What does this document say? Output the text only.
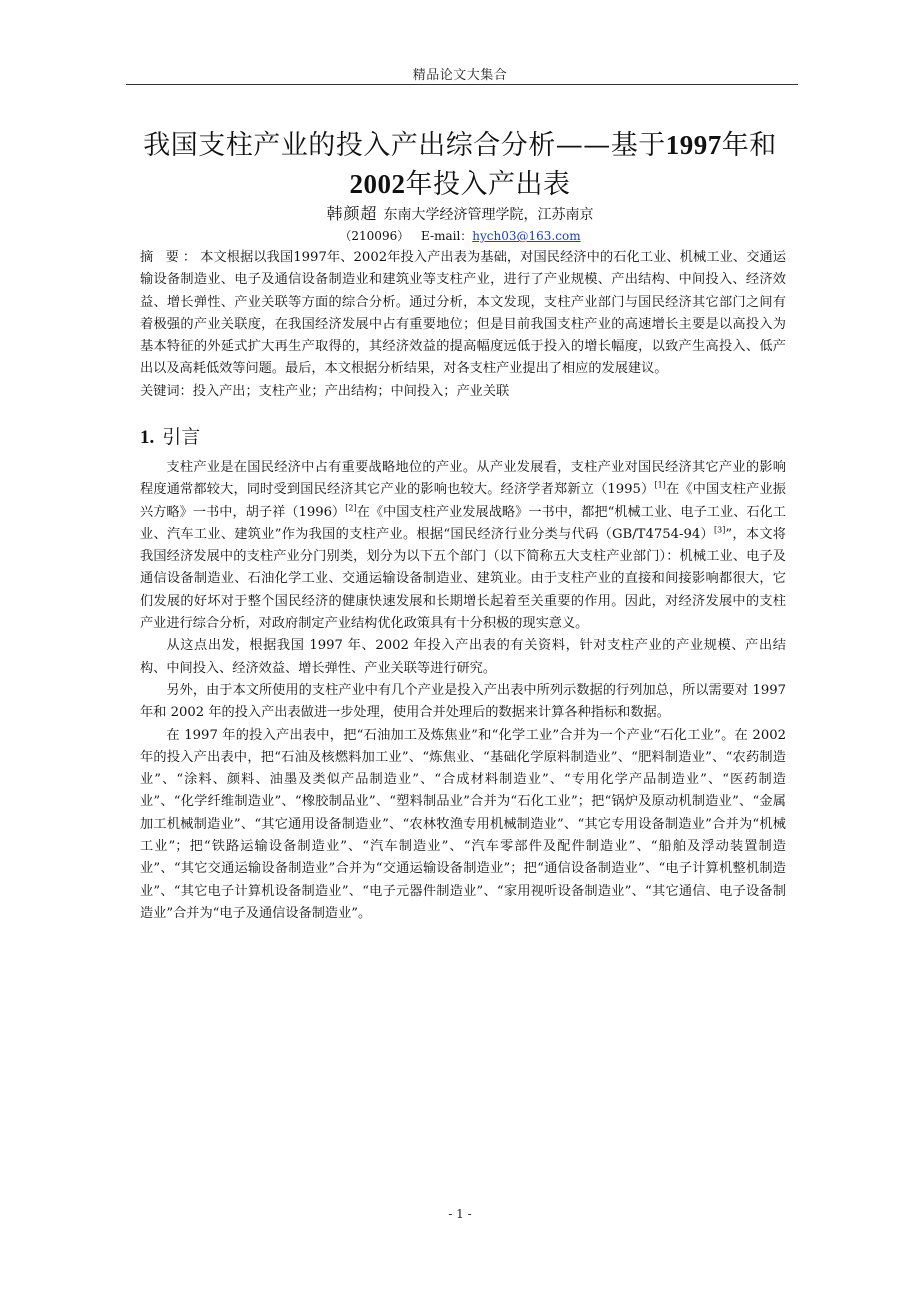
精品论文大集合
我国支柱产业的投入产出综合分析——基于1997年和
2002年投入产出表
韩颜超 东南大学经济管理学院，江苏南京
（210096） E-mail：hych03@163.com

摘 要：本文根据以我国1997年、2002年投入产出表为基础，对国民经济中的石化工业、机械工业、交通运输设备制造业、电子及通信设备制造业和建筑业等支柱产业，进行了产业规模、产出结构、中间投入、经济效益、增长弹性、产业关联等方面的综合分析。通过分析，本文发现，支柱产业部门与国民经济其它部门之间有着极强的产业关联度，在我国经济发展中占有重要地位；但是目前我国支柱产业的高速增长主要是以高投入为基本特征的外延式扩大再生产取得的，其经济效益的提高幅度远低于投入的增长幅度，以致产生高投入、低产出以及高耗低效等问题。最后，本文根据分析结果，对各支柱产业提出了相应的发展建议。

关键词：投入产出；支柱产业；产出结构；中间投入；产业关联

1. 引言

支柱产业是在国民经济中占有重要战略地位的产业。从产业发展看，支柱产业对国民经济其它产业的影响程度通常都较大，同时受到国民经济其它产业的影响也较大。经济学者郑新立（1995）[1]在《中国支柱产业振兴方略》一书中，胡子祥（1996）[2]在《中国支柱产业发展战略》一书中，都把“机械工业、电子工业、石化工业、汽车工业、建筑业”作为我国的支柱产业。根据“国民经济行业分类与代码（GB/T4754-94）[3]”，本文将我国经济发展中的支柱产业分门别类，划分为以下五个部门（以下简称五大支柱产业部门）：机械工业、电子及通信设备制造业、石油化学工业、交通运输设备制造业、建筑业。由于支柱产业的直接和间接影响都很大，它们发展的好坏对于整个国民经济的健康快速发展和长期增长起着至关重要的作用。因此，对经济发展中的支柱产业进行综合分析，对政府制定产业结构优化政策具有十分积极的现实意义。

从这点出发，根据我国 1997 年、2002 年投入产出表的有关资料，针对支柱产业的产业规模、产出结构、中间投入、经济效益、增长弹性、产业关联等进行研究。

另外，由于本文所使用的支柱产业中有几个产业是投入产出表中所列示数据的行列加总，所以需要对 1997 年和 2002 年的投入产出表做进一步处理，使用合并处理后的数据来计算各种指标和数据。

在 1997 年的投入产出表中，把“石油加工及炼焦业”和“化学工业”合并为一个产业“石化工业”。在 2002 年的投入产出表中，把“石油及核燃料加工业”、“炼焦业、“基础化学原料制造业”、“肥料制造业”、“农药制造业”、“涂料、颜料、油墨及类似产品制造业”、“合成材料制造业”、“专用化学产品制造业”、“医药制造业”、“化学纤维制造业”、“橡胶制品业”、“塑料制品业”合并为“石化工业”；把“锅炉及原动机制造业”、“金属加工机械制造业”、“其它通用设备制造业”、“农林牧渔专用机械制造业”、“其它专用设备制造业”合并为“机械工业”；把“铁路运输设备制造业”、“汽车制造业”、“汽车零部件及配件制造业”、“船舶及浮动装置制造业”、“其它交通运输设备制造业”合并为“交通运输设备制造业”；把“通信设备制造业”、“电子计算机整机制造业”、“其它电子计算机设备制造业”、“电子元器件制造业”、“家用视听设备制造业”、“其它通信、电子设备制造业”合并为“电子及通信设备制造业”。

- 1 -
